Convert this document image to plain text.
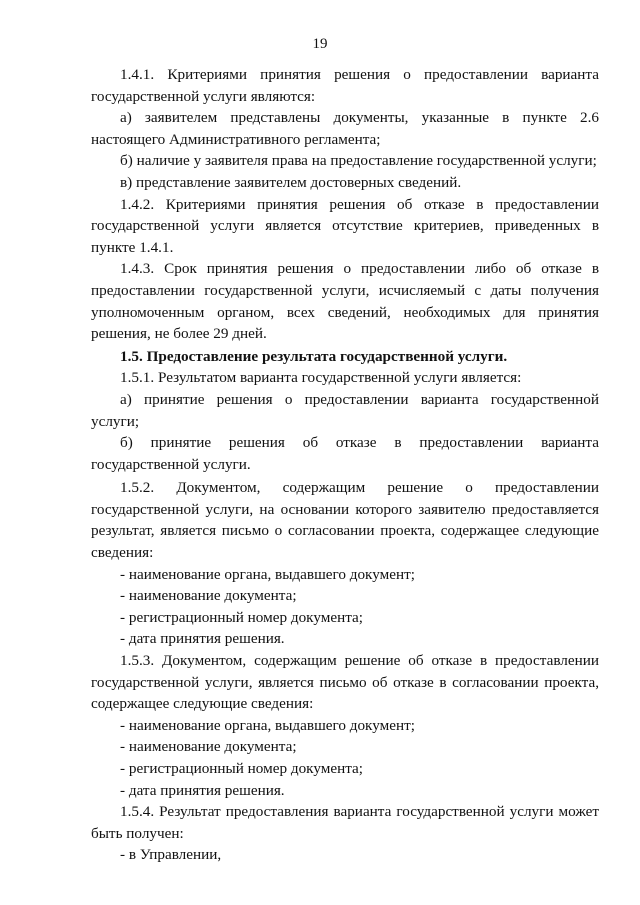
19

1.4.1. Критериями принятия решения о предоставлении варианта государственной услуги являются:

а) заявителем представлены документы, указанные в пункте 2.6 настоящего Административного регламента;

б) наличие у заявителя права на предоставление государственной услуги;

в) представление заявителем достоверных сведений.

1.4.2. Критериями принятия решения об отказе в предоставлении государственной услуги является отсутствие критериев, приведенных в пункте 1.4.1.

1.4.3. Срок принятия решения о предоставлении либо об отказе в предоставлении государственной услуги, исчисляемый с даты получения уполномоченным органом, всех сведений, необходимых для принятия решения, не более 29 дней.

1.5. Предоставление результата государственной услуги.

1.5.1. Результатом варианта государственной услуги является:

а) принятие решения о предоставлении варианта государственной услуги;

б) принятие решения об отказе в предоставлении варианта государственной услуги.

1.5.2. Документом, содержащим решение о предоставлении государственной услуги, на основании которого заявителю предоставляется результат, является письмо о согласовании проекта, содержащее следующие сведения:

- наименование органа, выдавшего документ;

- наименование документа;

- регистрационный номер документа;

- дата принятия решения.

1.5.3. Документом, содержащим решение об отказе в предоставлении государственной услуги, является письмо об отказе в согласовании проекта, содержащее следующие сведения:

- наименование органа, выдавшего документ;

- наименование документа;

- регистрационный номер документа;

- дата принятия решения.

1.5.4. Результат предоставления варианта государственной услуги может быть получен:

- в Управлении,
